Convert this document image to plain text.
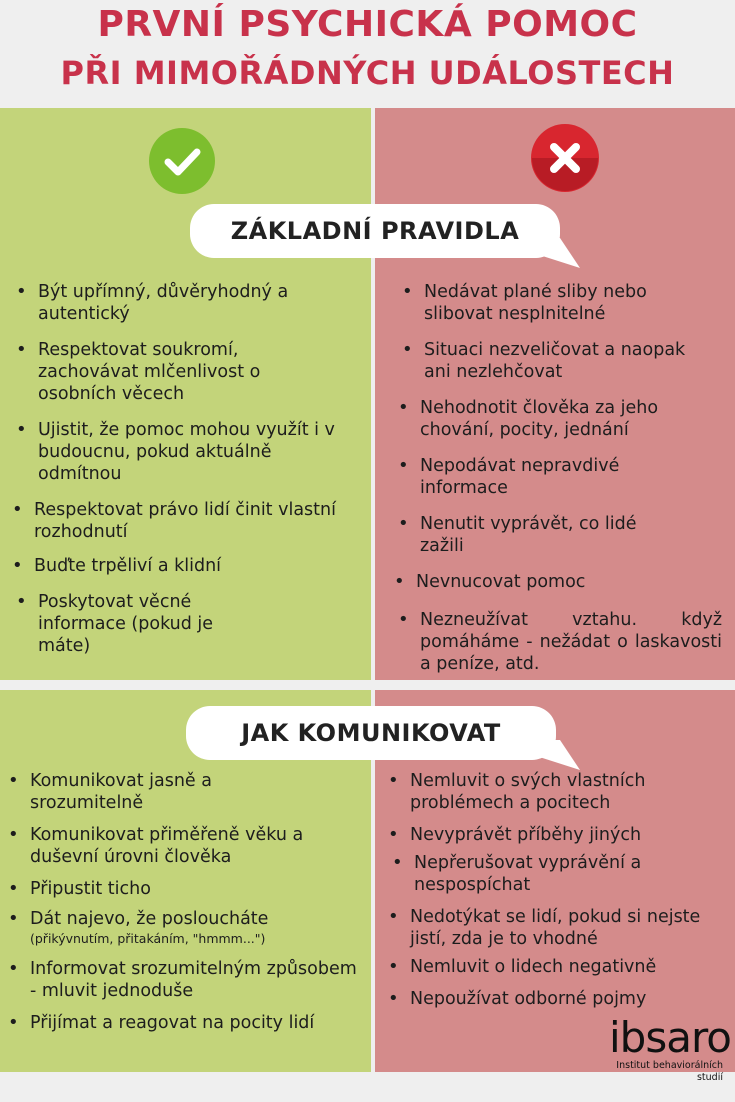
PRVNÍ PSYCHICKÁ POMOC
PŘI MIMOŘÁDNÝCH UDÁLOSTECH
ZÁKLADNÍ PRAVIDLA
• Být upřímný, důvěryhodný a autentický
• Respektovat soukromí, zachovávat mlčenlivost o osobních věcech
• Ujistit, že pomoc mohou využít i v budoucnu, pokud aktuálně odmítnou
• Respektovat právo lidí činit vlastní rozhodnutí
• Buďte trpěliví a klidní
• Poskytovat věcné informace (pokud je máte)
• Nedávat plané sliby nebo slibovat nesplnitelné
• Situaci nezveličovat a naopak ani nezlehčovat
• Nehodnotit člověka za jeho chování, pocity, jednání
• Nepodávat nepravdivé informace
• Nenutit vyprávět, co lidé zažili
• Nevnucovat pomoc
• Nezneužívat vztahu. když pomáháme - nežádat o laskavosti a peníze, atd.
JAK KOMUNIKOVAT
• Komunikovat jasně a srozumitelně
• Komunikovat přiměřeně věku a duševní úrovni člověka
• Připustit ticho
• Dát najevo, že posloucháte
(přikývnutím, přitakáním, "hmmm...")
• Informovat srozumitelným způsobem - mluvit jednoduše
• Přijímat a reagovat na pocity lidí
• Nemluvit o svých vlastních problémech a pocitech
• Nevyprávět příběhy jiných
• Nepřerušovat vyprávění a nespospíchat
• Nedotýkat se lidí, pokud si nejste jistí, zda je to vhodné
• Nemluvit o lidech negativně
• Nepoužívat odborné pojmy
ibsaro
Institut behaviorálních studií
